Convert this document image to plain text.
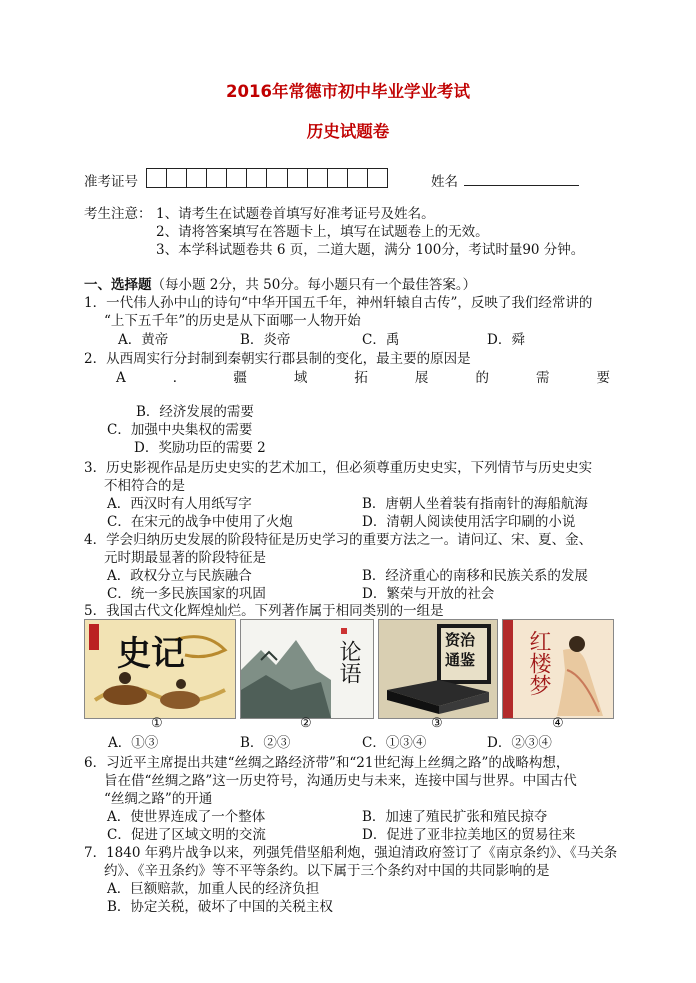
2016年常德市初中毕业学业考试
历史试题卷
准考证号	姓名
考生注意： 1、请考生在试题卷首填写好准考证号及姓名。
2、请将答案填写在答题卡上，填写在试题卷上的无效。
3、本学科试题卷共 6 页，二道大题，满分 100分，考试时量90 分钟。
一、选择题（每小题 2分，共 50分。每小题只有一个最佳答案。）
1．一代伟人孙中山的诗句“中华开国五千年，神州轩辕自古传”，反映了我们经常讲的
“上下五千年”的历史是从下面哪一人物开始
A．黄帝	B．炎帝	C．禹	D．舜
2．从西周实行分封制到秦朝实行郡县制的变化，最主要的原因是
A	．	疆	域	拓	展	的	需	要
B．经济发展的需要
C．加强中央集权的需要
D．奖励功臣的需要 2
3．历史影视作品是历史史实的艺术加工，但必须尊重历史史实，下列情节与历史史实
不相符合的是
A．西汉时有人用纸写字	B．唐朝人坐着装有指南针的海船航海
C．在宋元的战争中使用了火炮	D．清朝人阅读使用活字印刷的小说
4．学会归纳历史发展的阶段特征是历史学习的重要方法之一。请问辽、宋、夏、金、
元时期最显著的阶段特征是
A．政权分立与民族融合	B．经济重心的南移和民族关系的发展
C．统一多民族国家的巩固	D．繁荣与开放的社会
5．我国古代文化辉煌灿烂。下列著作属于相同类别的一组是
史记
①
论语
②
资治通鉴
③
红楼梦
④
A．①③	B．②③	C．①③④	D．②③④
6．习近平主席提出共建“丝绸之路经济带”和“21世纪海上丝绸之路”的战略构想，
旨在借“丝绸之路”这一历史符号，沟通历史与未来，连接中国与世界。中国古代
“丝绸之路”的开通
A．使世界连成了一个整体	B．加速了殖民扩张和殖民掠夺
C．促进了区域文明的交流	D．促进了亚非拉美地区的贸易往来
7．1840 年鸦片战争以来，列强凭借坚船利炮，强迫清政府签订了《南京条约》、《马关条
约》、《辛丑条约》等不平等条约。以下属于三个条约对中国的共同影响的是
A．巨额赔款，加重人民的经济负担
B．协定关税，破坏了中国的关税主权
